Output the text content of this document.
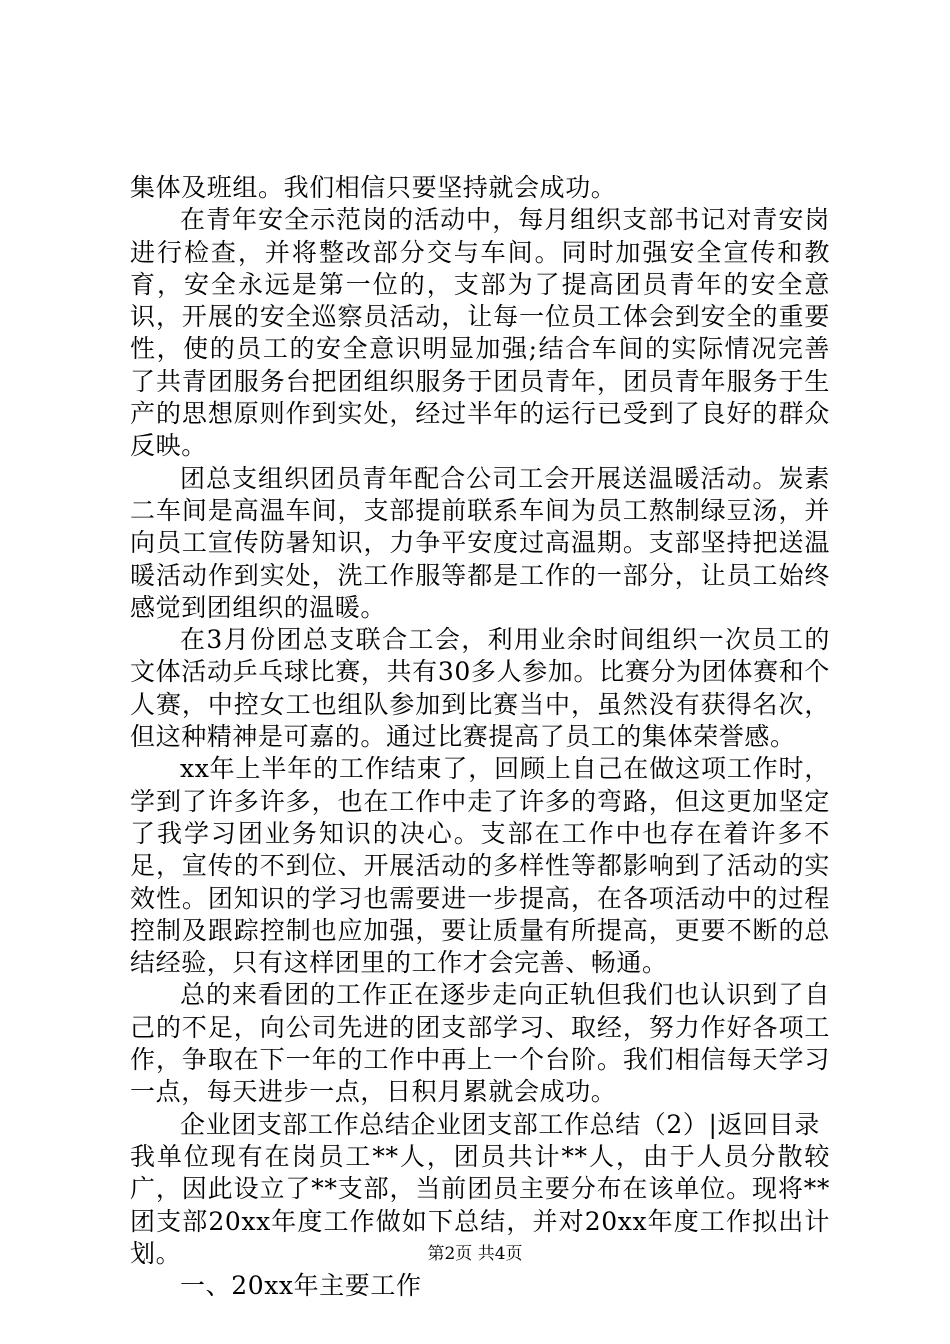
集体及班组。我们相信只要坚持就会成功。

在青年安全示范岗的活动中，每月组织支部书记对青安岗进行检查，并将整改部分交与车间。同时加强安全宣传和教育，安全永远是第一位的，支部为了提高团员青年的安全意识，开展的安全巡察员活动，让每一位员工体会到安全的重要性，使的员工的安全意识明显加强;结合车间的实际情况完善了共青团服务台把团组织服务于团员青年，团员青年服务于生产的思想原则作到实处，经过半年的运行已受到了良好的群众反映。

团总支组织团员青年配合公司工会开展送温暖活动。炭素二车间是高温车间，支部提前联系车间为员工熬制绿豆汤，并向员工宣传防暑知识，力争平安度过高温期。支部坚持把送温暖活动作到实处，洗工作服等都是工作的一部分，让员工始终感觉到团组织的温暖。

在3月份团总支联合工会，利用业余时间组织一次员工的文体活动乒乓球比赛，共有30多人参加。比赛分为团体赛和个人赛，中控女工也组队参加到比赛当中，虽然没有获得名次，但这种精神是可嘉的。通过比赛提高了员工的集体荣誉感。

xx年上半年的工作结束了，回顾上自己在做这项工作时，学到了许多许多，也在工作中走了许多的弯路，但这更加坚定了我学习团业务知识的决心。支部在工作中也存在着许多不足，宣传的不到位、开展活动的多样性等都影响到了活动的实效性。团知识的学习也需要进一步提高，在各项活动中的过程控制及跟踪控制也应加强，要让质量有所提高，更要不断的总结经验，只有这样团里的工作才会完善、畅通。

总的来看团的工作正在逐步走向正轨但我们也认识到了自己的不足，向公司先进的团支部学习、取经，努力作好各项工作，争取在下一年的工作中再上一个台阶。我们相信每天学习一点，每天进步一点，日积月累就会成功。

企业团支部工作总结企业团支部工作总结（2）|返回目录

我单位现有在岗员工**人，团员共计**人，由于人员分散较广，因此设立了**支部，当前团员主要分布在该单位。现将**团支部20xx年度工作做如下总结，并对20xx年度工作拟出计划。

一、20xx年主要工作

第2页 共4页
